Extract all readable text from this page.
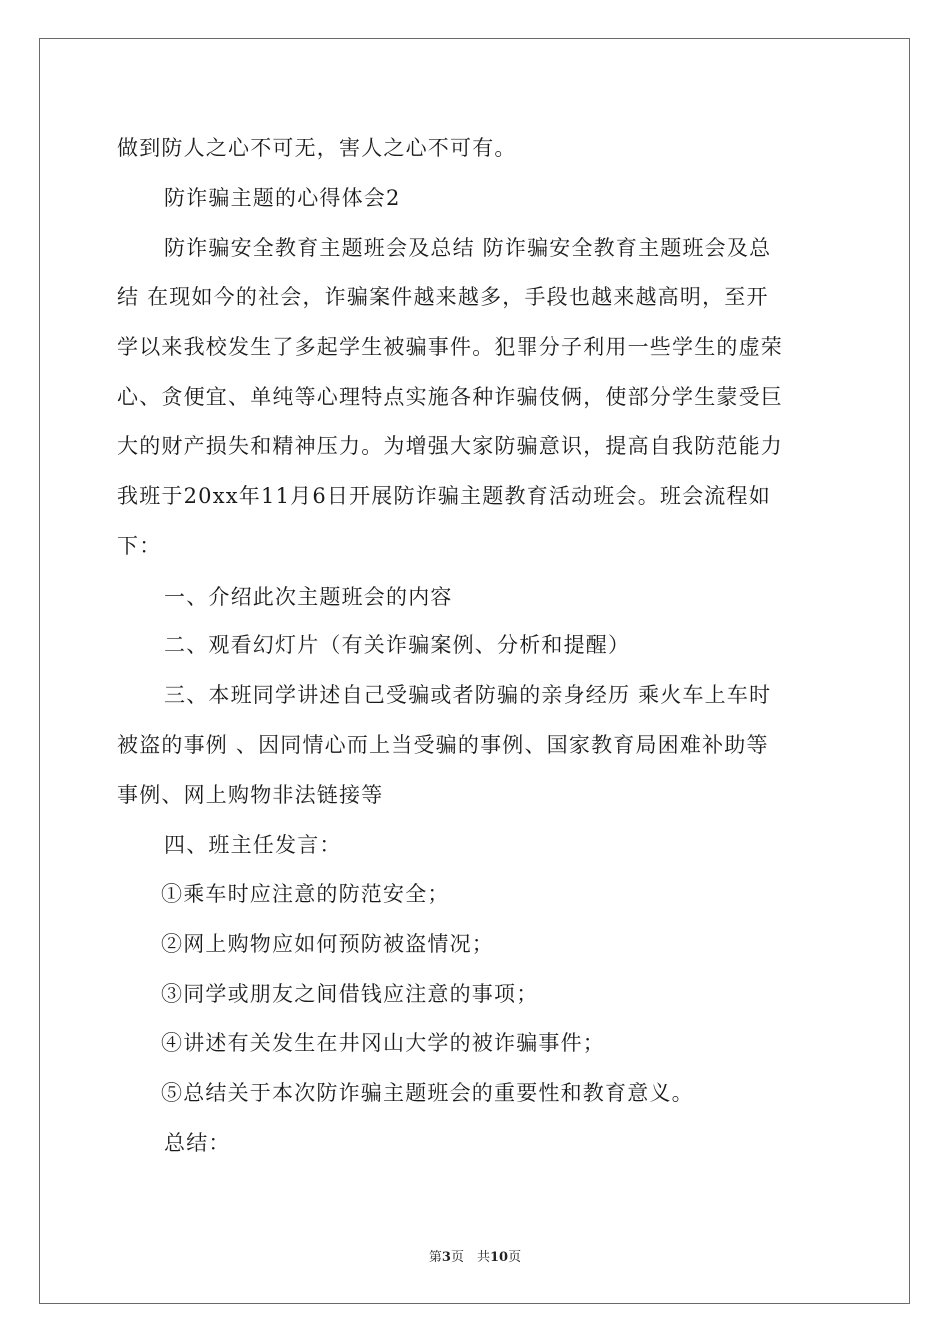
做到防人之心不可无，害人之心不可有。
防诈骗主题的心得体会2
防诈骗安全教育主题班会及总结 防诈骗安全教育主题班会及总
结 在现如今的社会，诈骗案件越来越多，手段也越来越高明，至开
学以来我校发生了多起学生被骗事件。犯罪分子利用一些学生的虚荣
心、贪便宜、单纯等心理特点实施各种诈骗伎俩，使部分学生蒙受巨
大的财产损失和精神压力。为增强大家防骗意识，提高自我防范能力
我班于20xx年11月6日开展防诈骗主题教育活动班会。班会流程如
下：
一、介绍此次主题班会的内容
二、观看幻灯片（有关诈骗案例、分析和提醒）
三、本班同学讲述自己受骗或者防骗的亲身经历 乘火车上车时
被盗的事例 、因同情心而上当受骗的事例、国家教育局困难补助等
事例、网上购物非法链接等
四、班主任发言：
①乘车时应注意的防范安全；
②网上购物应如何预防被盗情况；
③同学或朋友之间借钱应注意的事项；
④讲述有关发生在井冈山大学的被诈骗事件；
⑤总结关于本次防诈骗主题班会的重要性和教育意义。
总结：
第3页　共10页
